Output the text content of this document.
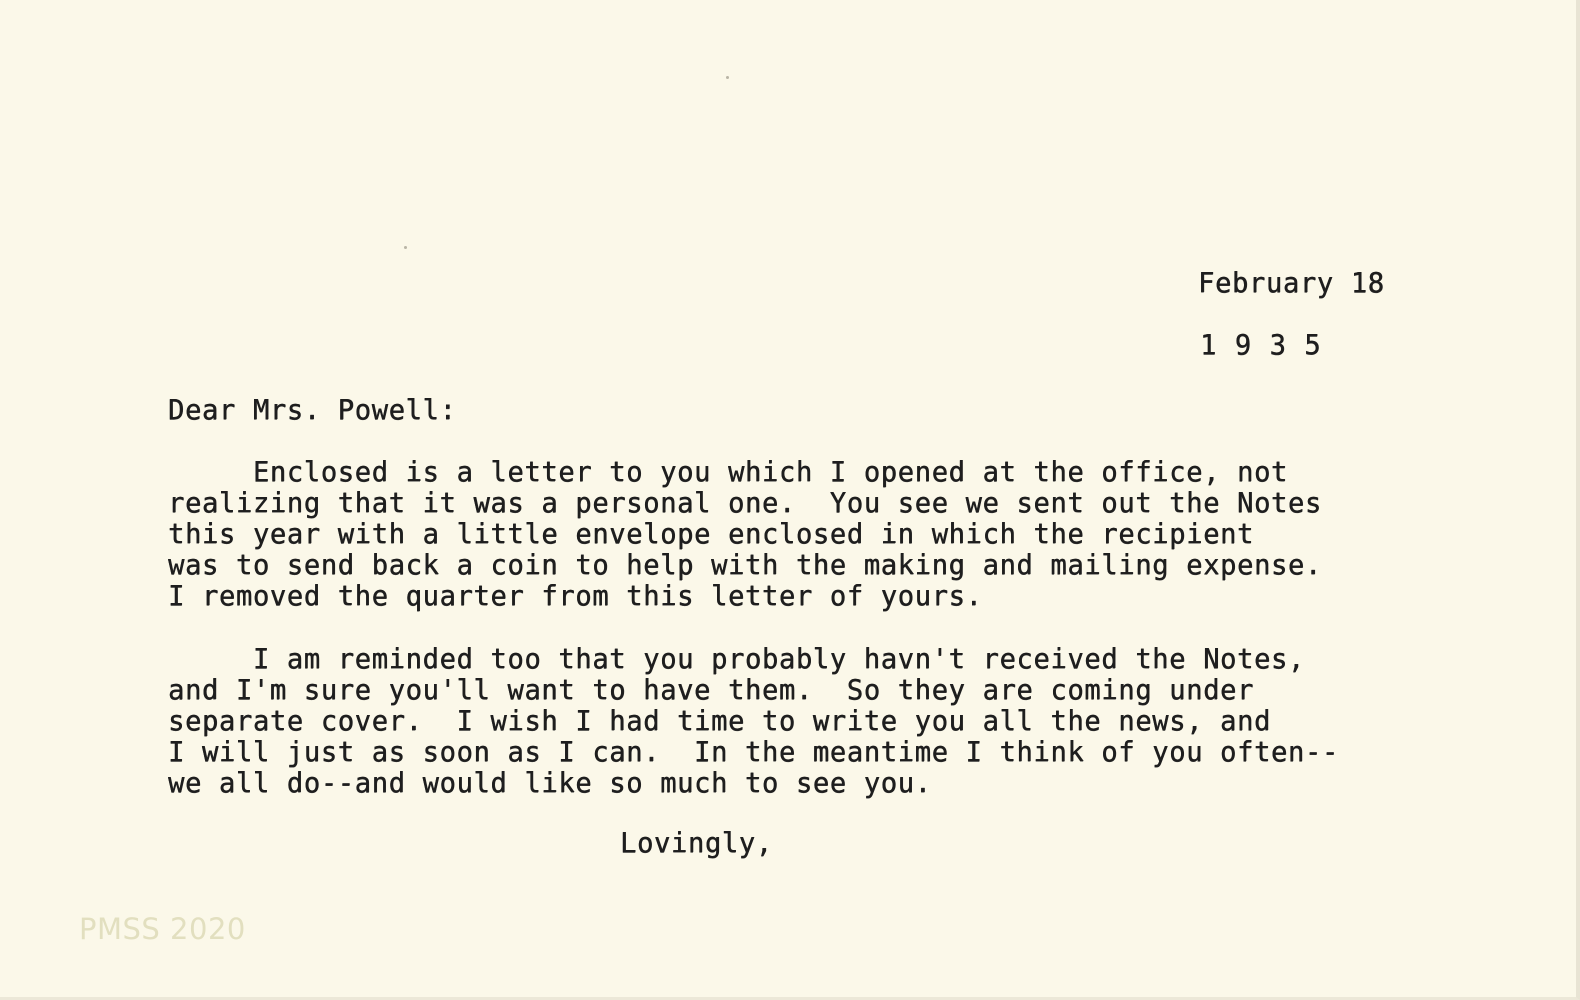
February 18

1 9 3 5

Dear Mrs. Powell:

Enclosed is a letter to you which I opened at the office, not
realizing that it was a personal one.  You see we sent out the Notes
this year with a little envelope enclosed in which the recipient
was to send back a coin to help with the making and mailing expense.
I removed the quarter from this letter of yours.

I am reminded too that you probably havn't received the Notes,
and I'm sure you'll want to have them.  So they are coming under
separate cover.  I wish I had time to write you all the news, and
I will just as soon as I can.  In the meantime I think of you often--
we all do--and would like so much to see you.

Lovingly,

PMSS 2020
